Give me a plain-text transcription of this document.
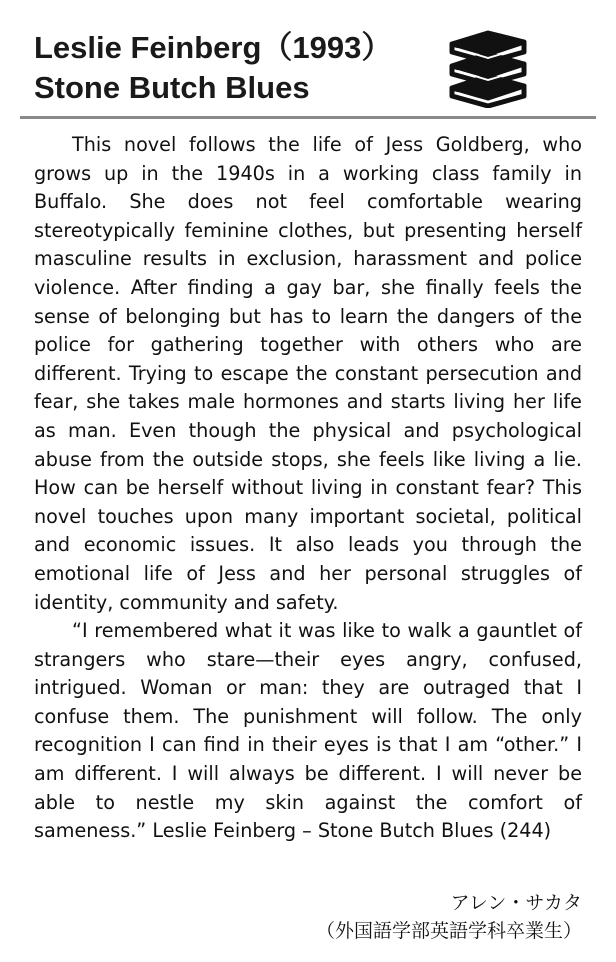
Leslie Feinberg（1993）
Stone Butch Blues

This novel follows the life of Jess Goldberg, who grows up in the 1940s in a working class family in Buffalo. She does not feel comfortable wearing stereotypically feminine clothes, but presenting herself masculine results in exclusion, harassment and police violence. After finding a gay bar, she finally feels the sense of belonging but has to learn the dangers of the police for gathering together with others who are different. Trying to escape the constant persecution and fear, she takes male hormones and starts living her life as man. Even though the physical and psychological abuse from the outside stops, she feels like living a lie. How can be herself without living in constant fear? This novel touches upon many important societal, political and economic issues. It also leads you through the emotional life of Jess and her personal struggles of identity, community and safety.

“I remembered what it was like to walk a gauntlet of strangers who stare—their eyes angry, confused, intrigued. Woman or man: they are outraged that I confuse them. The punishment will follow. The only recognition I can find in their eyes is that I am “other.” I am different. I will always be different. I will never be able to nestle my skin against the comfort of sameness.” Leslie Feinberg – Stone Butch Blues (244)

アレン・サカタ
（外国語学部英語学科卒業生）
